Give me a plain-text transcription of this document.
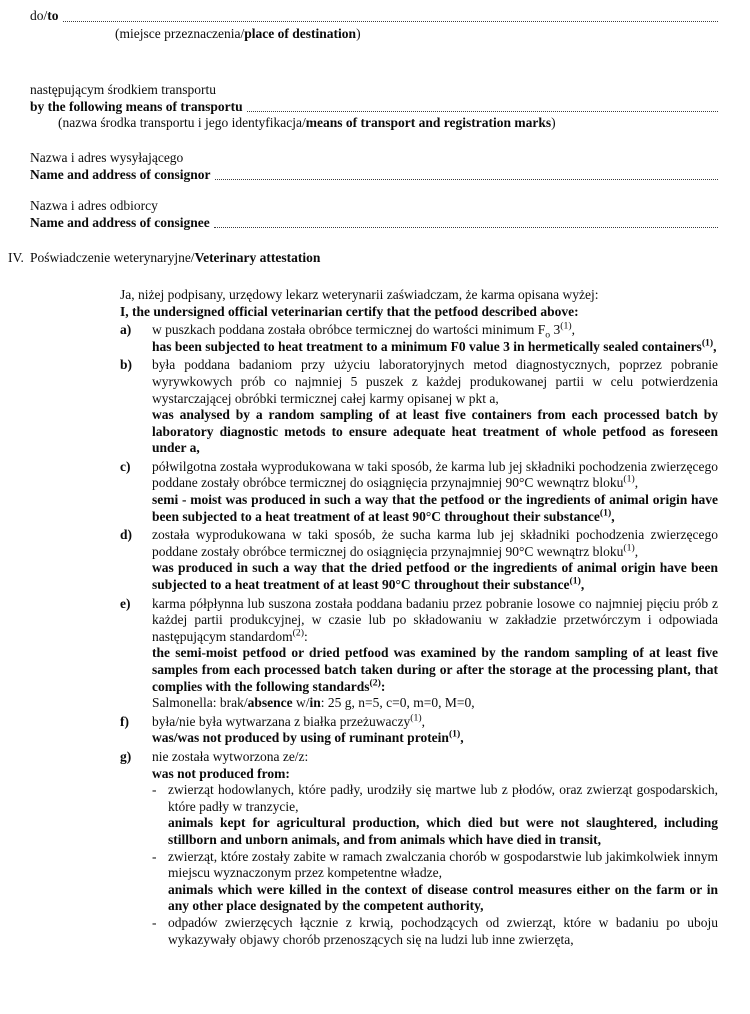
do/ to
(miejsce przeznaczenia/place of destination)
następującym środkiem transportu
by the following means of transportu
(nazwa środka transportu i jego identyfikacja/means of transport and registration marks)
Nazwa i adres wysyłającego
Name and address of consignor
Nazwa i adres odbiorcy
Name and address of consignee
IV. Poświadczenie weterynaryjne/Veterinary attestation
Ja, niżej podpisany, urzędowy lekarz weterynarii zaświadczam, że karma opisana wyżej:
I, the undersigned official veterinarian certify that the petfood described above:
a)	w puszkach poddana została obróbce termicznej do wartości minimum $F_o$ 3$^{(1)}$,
has been subjected to heat treatment to a minimum F0 value 3 in hermetically sealed containers$^{(1)}$,
b)	była poddana badaniom przy użyciu laboratoryjnych metod diagnostycznych, poprzez pobranie wyrywkowych prób co najmniej 5 puszek z każdej produkowanej partii w celu potwierdzenia wystarczającej obróbki termicznej całej karmy opisanej w pkt a,
was analysed by a random sampling of at least five containers from each processed batch by laboratory diagnostic metods to ensure adequate heat treatment of whole petfood as foreseen under a,
c)	półwilgotna została wyprodukowana w taki sposób, że karma lub jej składniki pochodzenia zwierzęcego poddane zostały obróbce termicznej do osiągnięcia przynajmniej 90°C wewnątrz bloku$^{(1)}$,
semi - moist was produced in such a way that the petfood or the ingredients of animal origin have been subjected to a heat treatment of at least 90°C throughout their substance$^{(1)}$,
d)	została wyprodukowana w taki sposób, że sucha karma lub jej składniki pochodzenia zwierzęcego poddane zostały obróbce termicznej do osiągnięcia przynajmniej 90°C wewnątrz bloku$^{(1)}$,
was produced in such a way that the dried petfood or the ingredients of animal origin have been subjected to a heat treatment of at least 90°C throughout their substance$^{(1)}$,
e)	karma półpłynna lub suszona została poddana badaniu przez pobranie losowe co najmniej pięciu prób z każdej partii produkcyjnej, w czasie lub po składowaniu w zakładzie przetwórczym i odpowiada następującym standardom$^{(2)}$:
the semi-moist petfood or dried petfood was examined by the random sampling of at least five samples from each processed batch taken during or after the storage at the processing plant, that complies with the following standards$^{(2)}$:
Salmonella: brak/absence w/in: 25 g, n=5, c=0, m=0, M=0,
f)	była/nie była wytwarzana z białka przeżuwaczy$^{(1)}$,
was/was not produced by using of ruminant protein$^{(1)}$,
g)	nie została wytworzona ze/z:
was not produced from:
- zwierząt hodowlanych, które padły, urodziły się martwe lub z płodów, oraz zwierząt gospodarskich, które padły w tranzycie,
animals kept for agricultural production, which died but were not slaughtered, including stillborn and unborn animals, and from animals which have died in transit,
- zwierząt, które zostały zabite w ramach zwalczania chorób w gospodarstwie lub jakimkolwiek innym miejscu wyznaczonym przez kompetentne władze,
animals which were killed in the context of disease control measures either on the farm or in any other place designated by the competent authority,
- odpadów zwierzęcych łącznie z krwią, pochodzących od zwierząt, które w badaniu po uboju wykazywały objawy chorób przenoszących się na ludzi lub inne zwierzęta,
